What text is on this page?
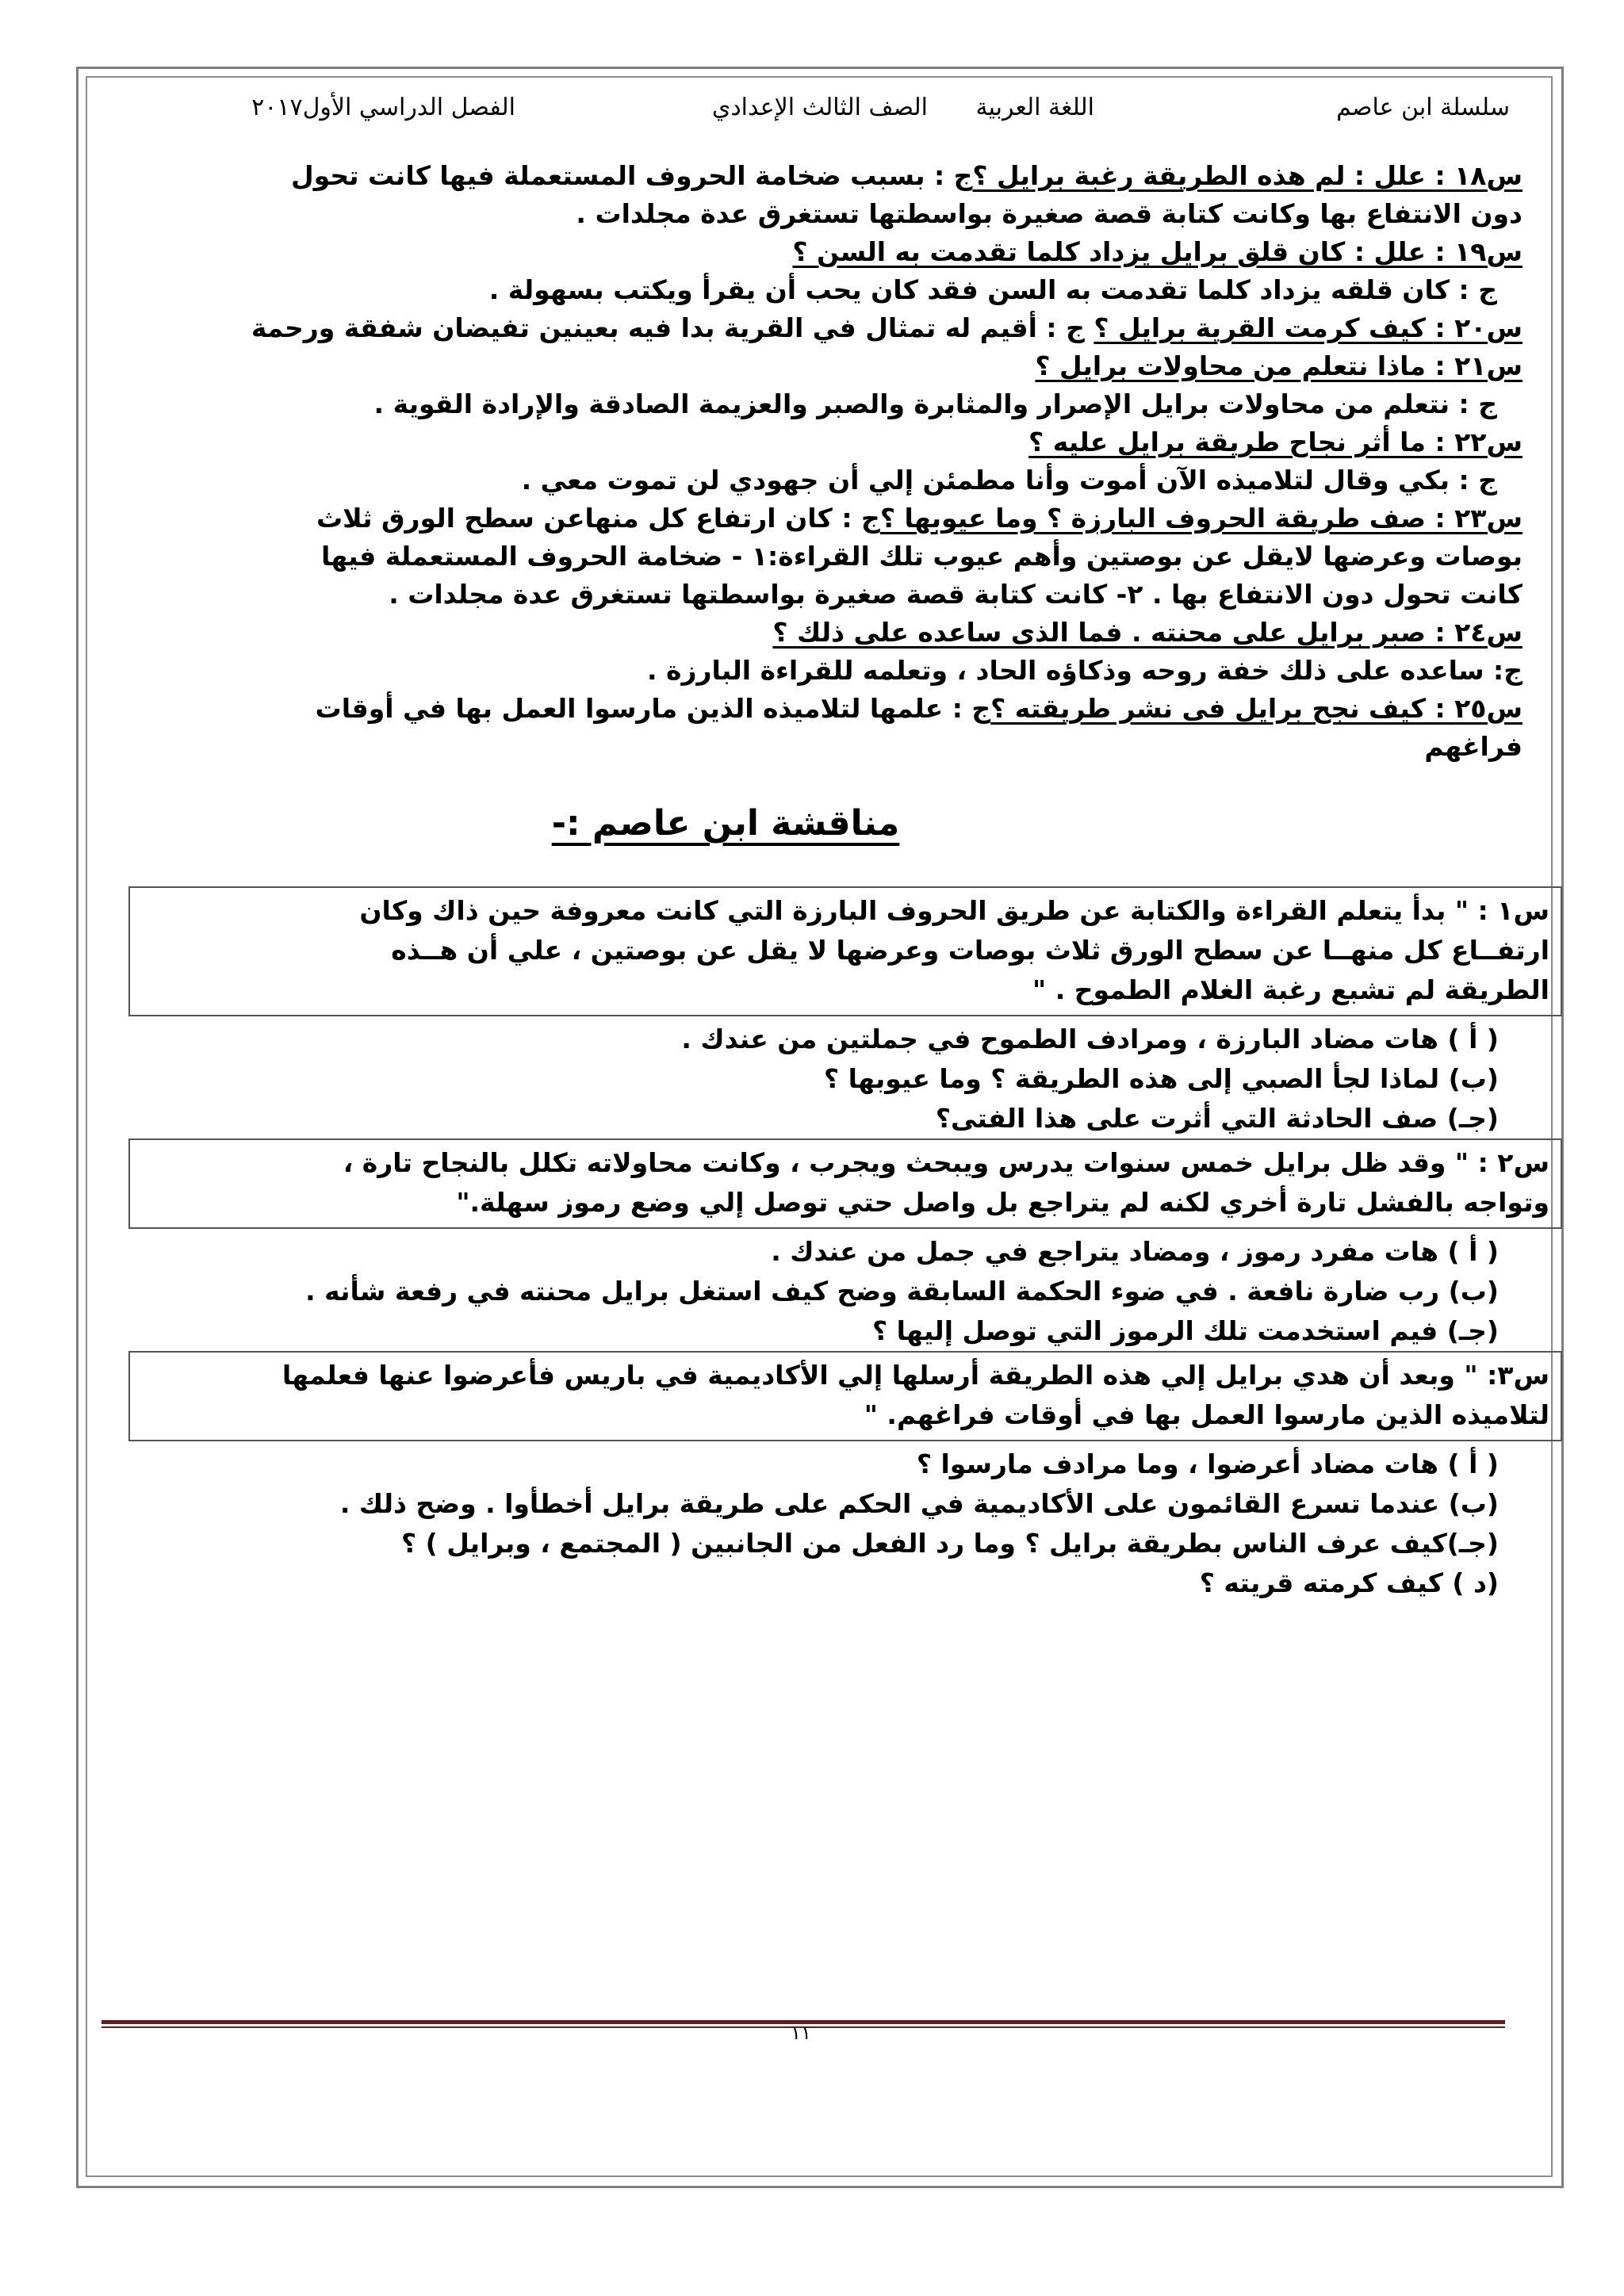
سلسلة ابن عاصم
اللغة العربية
الصف الثالث الإعدادي
الفصل الدراسي الأول٢٠١٧
س١٨ : علل : لم هذه الطريقة رغبة برايل ؟ج : بسبب ضخامة الحروف المستعملة فيها كانت تحول
دون الانتفاع بها وكانت كتابة قصة صغيرة بواسطتها تستغرق عدة مجلدات .
س١٩ : علل : كان قلق برايل يزداد كلما تقدمت به السن ؟
ج : كان قلقه يزداد كلما تقدمت به السن فقد كان يحب أن يقرأ ويكتب بسهولة .
س٢٠ : كيف كرمت القرية برايل ؟ ج : أقيم له تمثال في القرية بدا فيه بعينين تفيضان شفقة ورحمة
س٢١ : ماذا نتعلم من محاولات برايل ؟
ج : نتعلم من محاولات برايل الإصرار والمثابرة والصبر والعزيمة الصادقة والإرادة القوية .
س٢٢ : ما أثر نجاح طريقة برايل عليه ؟
ج : بكي وقال لتلاميذه الآن أموت وأنا مطمئن إلي أن جهودي لن تموت معي .
س٢٣ : صف طريقة الحروف البارزة ؟ وما عيوبها ؟ج : كان ارتفاع كل منهاعن سطح الورق ثلاث
بوصات وعرضها لايقل عن بوصتين وأهم عيوب تلك القراءة:١ - ضخامة الحروف المستعملة فيها
كانت تحول دون الانتفاع بها . ٢- كانت كتابة قصة صغيرة بواسطتها تستغرق عدة مجلدات .
س٢٤ : صبر برايل على محنته . فما الذى ساعده على ذلك ؟
ج: ساعده على ذلك خفة روحه وذكاؤه الحاد ، وتعلمه للقراءة البارزة .
س٢٥ : كيف نجح برايل فى نشر طريقته ؟ج : علمها لتلاميذه الذين مارسوا العمل بها في أوقات
فراغهم
مناقشة ابن عاصم :-
س١ : " بدأ يتعلم القراءة والكتابة عن طريق الحروف البارزة التي كانت معروفة حين ذاك وكان
ارتفــاع كل منهــا عن سطح الورق ثلاث بوصات وعرضها لا يقل عن بوصتين ، علي أن هــذه
الطريقة لم تشبع رغبة الغلام الطموح . "
( أ ) هات مضاد البارزة ، ومرادف الطموح في جملتين من عندك .
(ب) لماذا لجأ الصبي إلى هذه الطريقة ؟ وما عيوبها ؟
(جـ) صف الحادثة التي أثرت على هذا الفتى؟
س٢ : " وقد ظل برايل خمس سنوات يدرس ويبحث ويجرب ، وكانت محاولاته تكلل بالنجاح تارة ،
وتواجه بالفشل تارة أخري لكنه لم يتراجع بل واصل حتي توصل إلي وضع رموز سهلة."
( أ ) هات مفرد رموز ، ومضاد يتراجع في جمل من عندك .
(ب) رب ضارة نافعة . في ضوء الحكمة السابقة وضح كيف استغل برايل محنته في رفعة شأنه .
(جـ) فيم استخدمت تلك الرموز التي توصل إليها ؟
س٣: " وبعد أن هدي برايل إلي هذه الطريقة أرسلها إلي الأكاديمية في باريس فأعرضوا عنها فعلمها
لتلاميذه الذين مارسوا العمل بها في أوقات فراغهم. "
( أ ) هات مضاد أعرضوا ، وما مرادف مارسوا ؟
(ب) عندما تسرع القائمون على الأكاديمية في الحكم على طريقة برايل أخطأوا . وضح ذلك .
(جـ)كيف عرف الناس بطريقة برايل ؟ وما رد الفعل من الجانبين ( المجتمع ، وبرايل ) ؟
(د ) كيف كرمته قريته ؟
١١
